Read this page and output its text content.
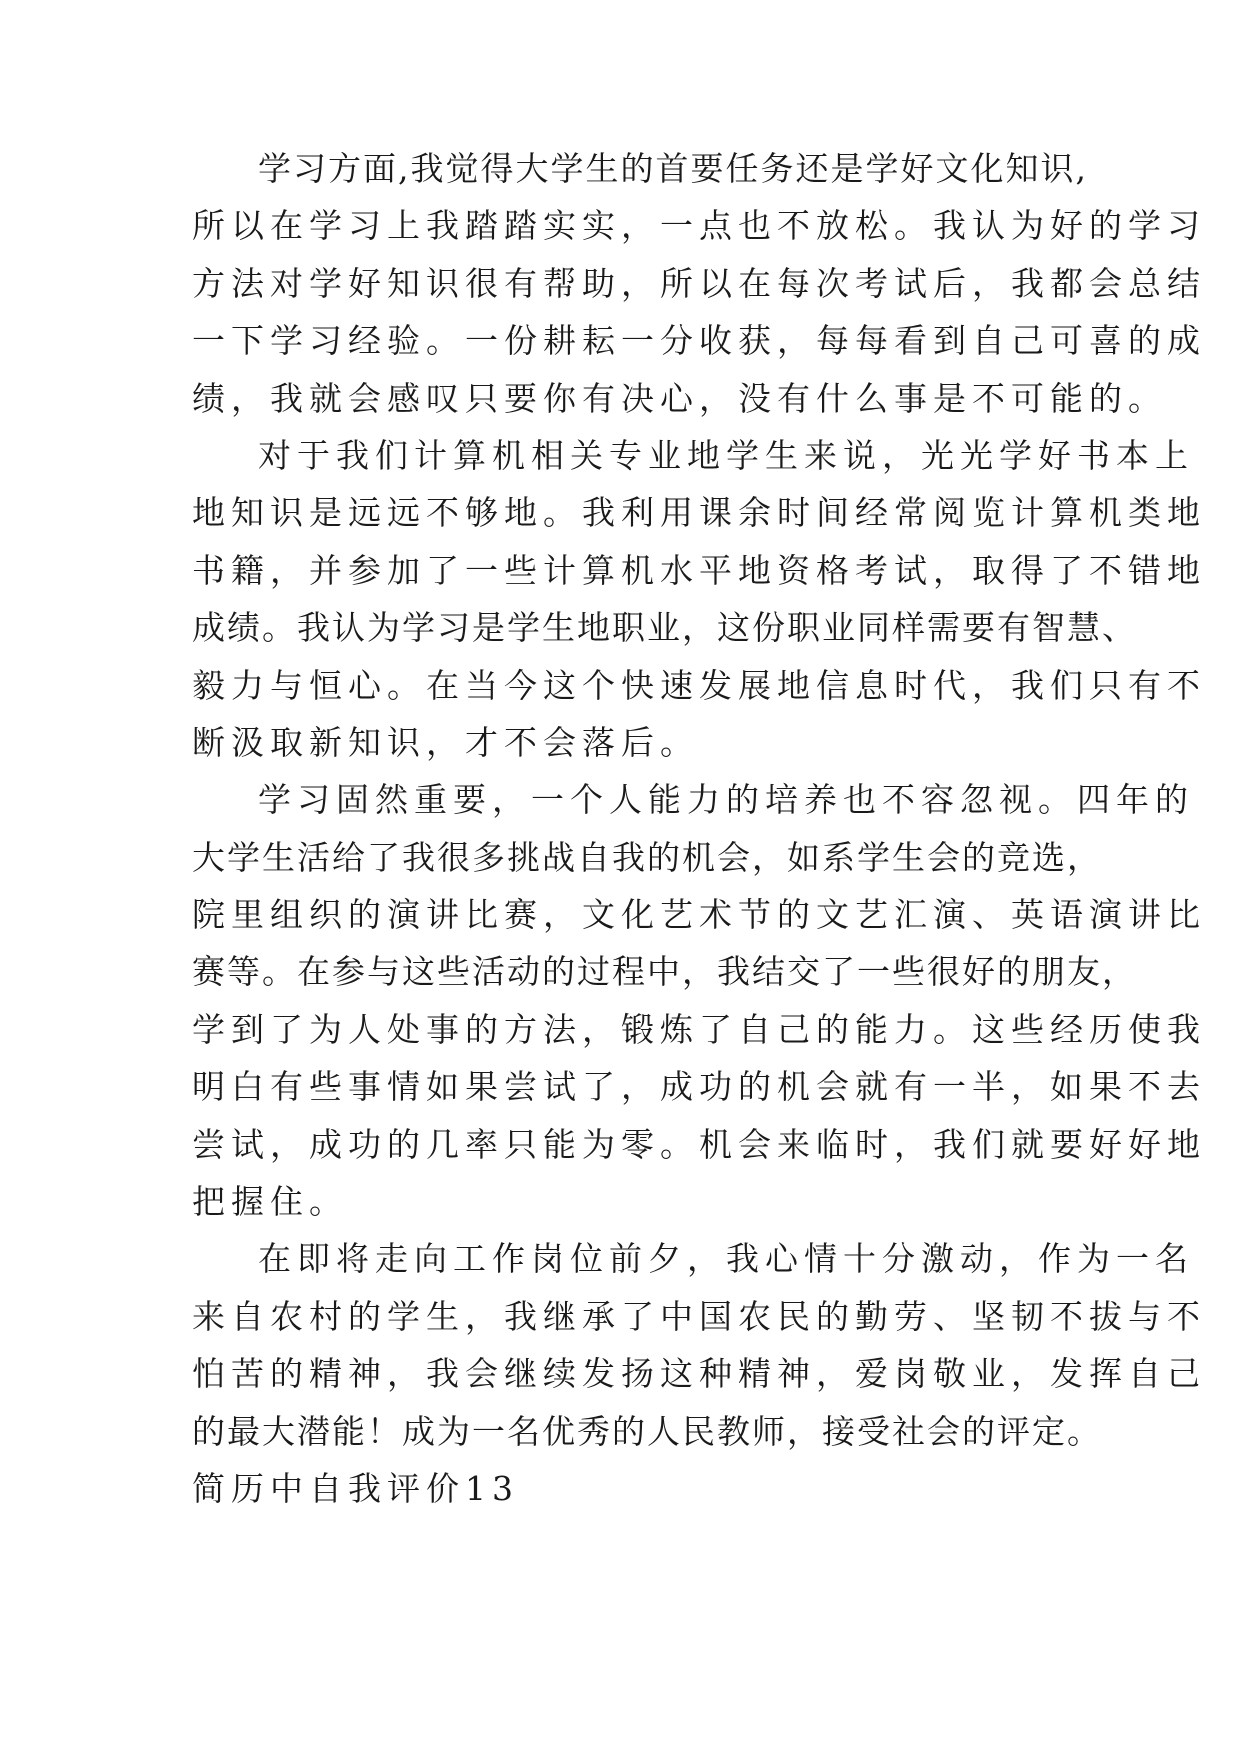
学习方面,我觉得大学生的首要任务还是学好文化知识,
所以在学习上我踏踏实实，一点也不放松。我认为好的学习
方法对学好知识很有帮助，所以在每次考试后，我都会总结
一下学习经验。一份耕耘一分收获，每每看到自己可喜的成
绩，我就会感叹只要你有决心，没有什么事是不可能的。
对于我们计算机相关专业地学生来说，光光学好书本上
地知识是远远不够地。我利用课余时间经常阅览计算机类地
书籍，并参加了一些计算机水平地资格考试，取得了不错地
成绩。我认为学习是学生地职业，这份职业同样需要有智慧、
毅力与恒心。在当今这个快速发展地信息时代，我们只有不
断汲取新知识，才不会落后。
学习固然重要，一个人能力的培养也不容忽视。四年的
大学生活给了我很多挑战自我的机会，如系学生会的竞选，
院里组织的演讲比赛，文化艺术节的文艺汇演、英语演讲比
赛等。在参与这些活动的过程中，我结交了一些很好的朋友，
学到了为人处事的方法，锻炼了自己的能力。这些经历使我
明白有些事情如果尝试了，成功的机会就有一半，如果不去
尝试，成功的几率只能为零。机会来临时，我们就要好好地
把握住。
在即将走向工作岗位前夕，我心情十分激动，作为一名
来自农村的学生，我继承了中国农民的勤劳、坚韧不拔与不
怕苦的精神，我会继续发扬这种精神，爱岗敬业，发挥自己
的最大潜能！成为一名优秀的人民教师，接受社会的评定。
简历中自我评价13
